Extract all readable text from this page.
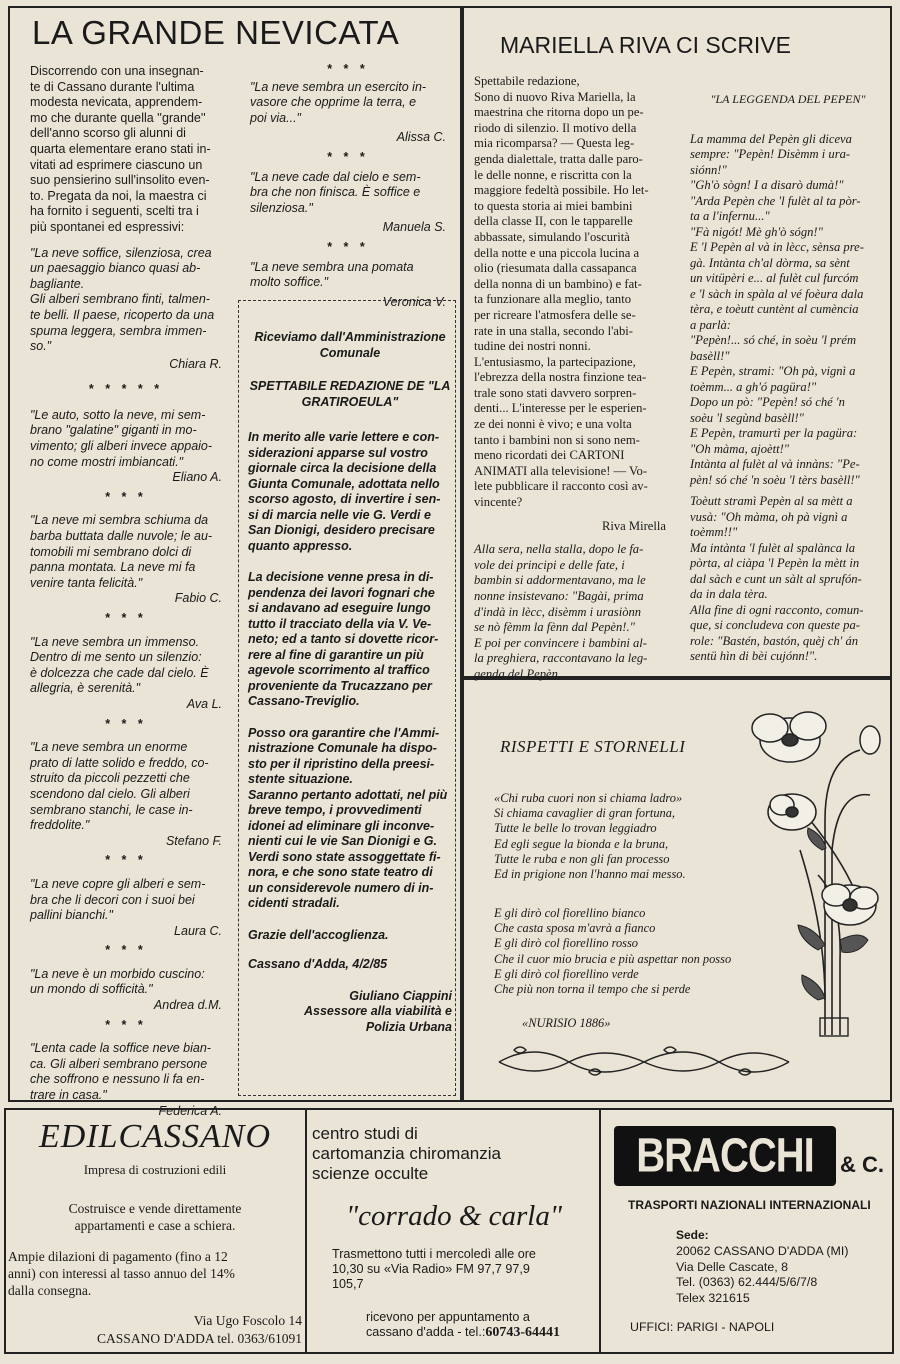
LA GRANDE NEVICATA

Discorrendo con una insegnan-
te di Cassano durante l'ultima
modesta nevicata, apprendem-
mo che durante quella ''grande''
dell'anno scorso gli alunni di
quarta elementare erano stati in-
vitati ad esprimere ciascuno un
suo pensierino sull'insolito even-
to. Pregata da noi, la maestra ci
ha fornito i seguenti, scelti tra i
più spontanei ed espressivi:

"La neve soffice, silenziosa, crea
un paesaggio bianco quasi ab-
bagliante.
Gli alberi sembrano finti, talmen-
te belli. Il paese, ricoperto da una
spuma leggera, sembra immen-
so."

Chiara R.

* * * * *

"Le auto, sotto la neve, mi sem-
brano "galatine" giganti in mo-
vimento; gli alberi invece appaio-
no come mostri imbiancati."

Eliano A.

* * *

"La neve mi sembra schiuma da
barba buttata dalle nuvole; le au-
tomobili mi sembrano dolci di
panna montata. La neve mi fa
venire tanta felicità."

Fabio C.

* * *

"La neve sembra un immenso.
Dentro di me sento un silenzio:
è dolcezza che cade dal cielo. È
allegria, è serenità."

Ava L.

* * *

"La neve sembra un enorme
prato di latte solido e freddo, co-
struito da piccoli pezzetti che
scendono dal cielo. Gli alberi
sembrano stanchi, le case in-
freddolite."

Stefano F.

* * *

"La neve copre gli alberi e sem-
bra che li decori con i suoi bei
pallini bianchi."

Laura C.

* * *

"La neve è un morbido cuscino:
un mondo di sofficità."

Andrea d.M.

* * *

"Lenta cade la soffice neve bian-
ca. Gli alberi sembrano persone
che soffrono e nessuno li fa en-
trare in casa."

Federica A.

* * *

"La neve sembra un esercito in-
vasore che opprime la terra, e
poi via..."

Alissa C.

* * *

"La neve cade dal cielo e sem-
bra che non finisca. È soffice e
silenziosa."

Manuela S.

* * *

"La neve sembra una pomata
molto soffice."

Veronica V.

Riceviamo dall'Amministrazione
Comunale

SPETTABILE REDAZIONE DE "LA
GRATIROEULA"

In merito alle varie lettere e con-
siderazioni apparse sul vostro
giornale circa la decisione della
Giunta Comunale, adottata nello
scorso agosto, di invertire i sen-
si di marcia nelle vie G. Verdi e
San Dionigi, desidero precisare
quanto appresso.

La decisione venne presa in di-
pendenza dei lavori fognari che
si andavano ad eseguire lungo
tutto il tracciato della via V. Ve-
neto; ed a tanto si dovette ricor-
rere al fine di garantire un più
agevole scorrimento al traffico
proveniente da Trucazzano per
Cassano-Treviglio.

Posso ora garantire che l'Ammi-
nistrazione Comunale ha dispo-
sto per il ripristino della preesi-
stente situazione.
Saranno pertanto adottati, nel più
breve tempo, i provvedimenti
idonei ad eliminare gli inconve-
nienti cui le vie San Dionigi e G.
Verdi sono state assoggettate fi-
nora, e che sono state teatro di
un considerevole numero di in-
cidenti stradali.

Grazie dell'accoglienza.

Cassano d'Adda, 4/2/85

Giuliano Ciappini
Assessore alla viabilità e
Polizia Urbana

MARIELLA RIVA CI SCRIVE

Spettabile redazione,
Sono di nuovo Riva Mariella, la
maestrina che ritorna dopo un pe-
riodo di silenzio. Il motivo della
mia ricomparsa? — Questa leg-
genda dialettale, tratta dalle paro-
le delle nonne, e riscritta con la
maggiore fedeltà possibile. Ho let-
to questa storia ai miei bambini
della classe II, con le tapparelle
abbassate, simulando l'oscurità
della notte e una piccola lucina a
olio (riesumata dalla cassapanca
della nonna di un bambino) e fat-
ta funzionare alla meglio, tanto
per ricreare l'atmosfera delle se-
rate in una stalla, secondo l'abi-
tudine dei nostri nonni.
L'entusiasmo, la partecipazione,
l'ebrezza della nostra finzione tea-
trale sono stati davvero sorpren-
denti... L'interesse per le esperien-
ze dei nonni è vivo; e una volta
tanto i bambini non si sono nem-
meno ricordati dei CARTONI
ANIMATI alla televisione! — Vo-
lete pubblicare il racconto così av-
vincente?

Riva Mirella

Alla sera, nella stalla, dopo le fa-
vole dei principi e delle fate, i
bambin si addormentavano, ma le
nonne insistevano: "Bagài, prima
d'indà in lècc, disèmm i urasiònn
se nò fèmm la fènn dal Pepèn!."
E poi per convincere i bambini al-
la preghiera, raccontavano la leg-
genda del Pepèn.

"LA LEGGENDA DEL PEPEN"

La mamma del Pepèn gli diceva
sempre: "Pepèn! Disèmm i ura-
siónn!"
"Gh'ò sògn! I a disarò dumà!"
"Arda Pepèn che 'l fulèt al ta pòr-
ta a l'infernu..."
"Fà nigót! Mè gh'ò sógn!"
E 'l Pepèn al và in lècc, sènsa pre-
gà. Intànta ch'al dòrma, sa sènt
un vitüpèri e... al fulèt cul furcóm
e 'l sàch in spàla al vé foèura dala
tèra, e toèutt cuntènt al cumència
a parlà:
"Pepèn!... só ché, in soèu 'l prém
basèll!"
E Pepèn, strami: "Oh pà, vignì a
toèmm... a gh'ó pagüra!"
Dopo un pò: "Pepèn! só ché 'n
soèu 'l segùnd basèll!"
E Pepèn, tramurtì per la pagüra:
"Oh màma, ajoètt!"
Intànta al fulèt al và innàns: "Pe-
pèn! só ché 'n soèu 'l tèrs basèll!"

Toèutt stramì Pepèn al sa mètt a
vusà: "Oh màma, oh pà vignì a
toèmm!!"
Ma intànta 'l fulèt al spalànca la
pòrta, al ciàpa 'l Pepèn la mètt in
dal sàch e cunt un sàlt al sprufón-
da in dala tèra.
Alla fine di ogni racconto, comun-
que, si concludeva con queste pa-
role: "Bastén, bastón, quèj ch' án
sentü hìn di bèi cujónn!".

RISPETTI E STORNELLI

«Chi ruba cuori non si chiama ladro»
Si chiama cavaglier di gran fortuna,
Tutte le belle lo trovan leggiadro
Ed egli segue la bionda e la bruna,
Tutte le ruba e non gli fan processo
Ed in prigione non l'hanno mai messo.

E gli dirò col fiorellino bianco
Che casta sposa m'avrà a fianco
E gli dirò col fiorellino rosso
Che il cuor mio brucia e più aspettar non posso
E gli dirò col fiorellino verde
Che più non torna il tempo che si perde

«NURISIO 1886»

EDILCASSANO
Impresa di costruzioni edili

Costruisce e vende direttamente
appartamenti e case a schiera.

Ampie dilazioni di pagamento (fino a 12
anni) con interessi al tasso annuo del 14%
dalla consegna.

Via Ugo Foscolo 14
CASSANO D'ADDA tel. 0363/61091

centro studi di
cartomanzia chiromanzia
scienze occulte

"corrado & carla"

Trasmettono tutti i mercoledì alle ore
10,30 su «Via Radio» FM 97,7 97,9
105,7

ricevono per appuntamento a
cassano d'adda - tel.:60743-64441
BRACCHI & C.
TRASPORTI NAZIONALI INTERNAZIONALI
Sede:

20062 CASSANO D'ADDA (MI)
Via Delle Cascate, 8
Tel. (0363) 62.444/5/6/7/8
Telex 321615

UFFICI: PARIGI - NAPOLI
